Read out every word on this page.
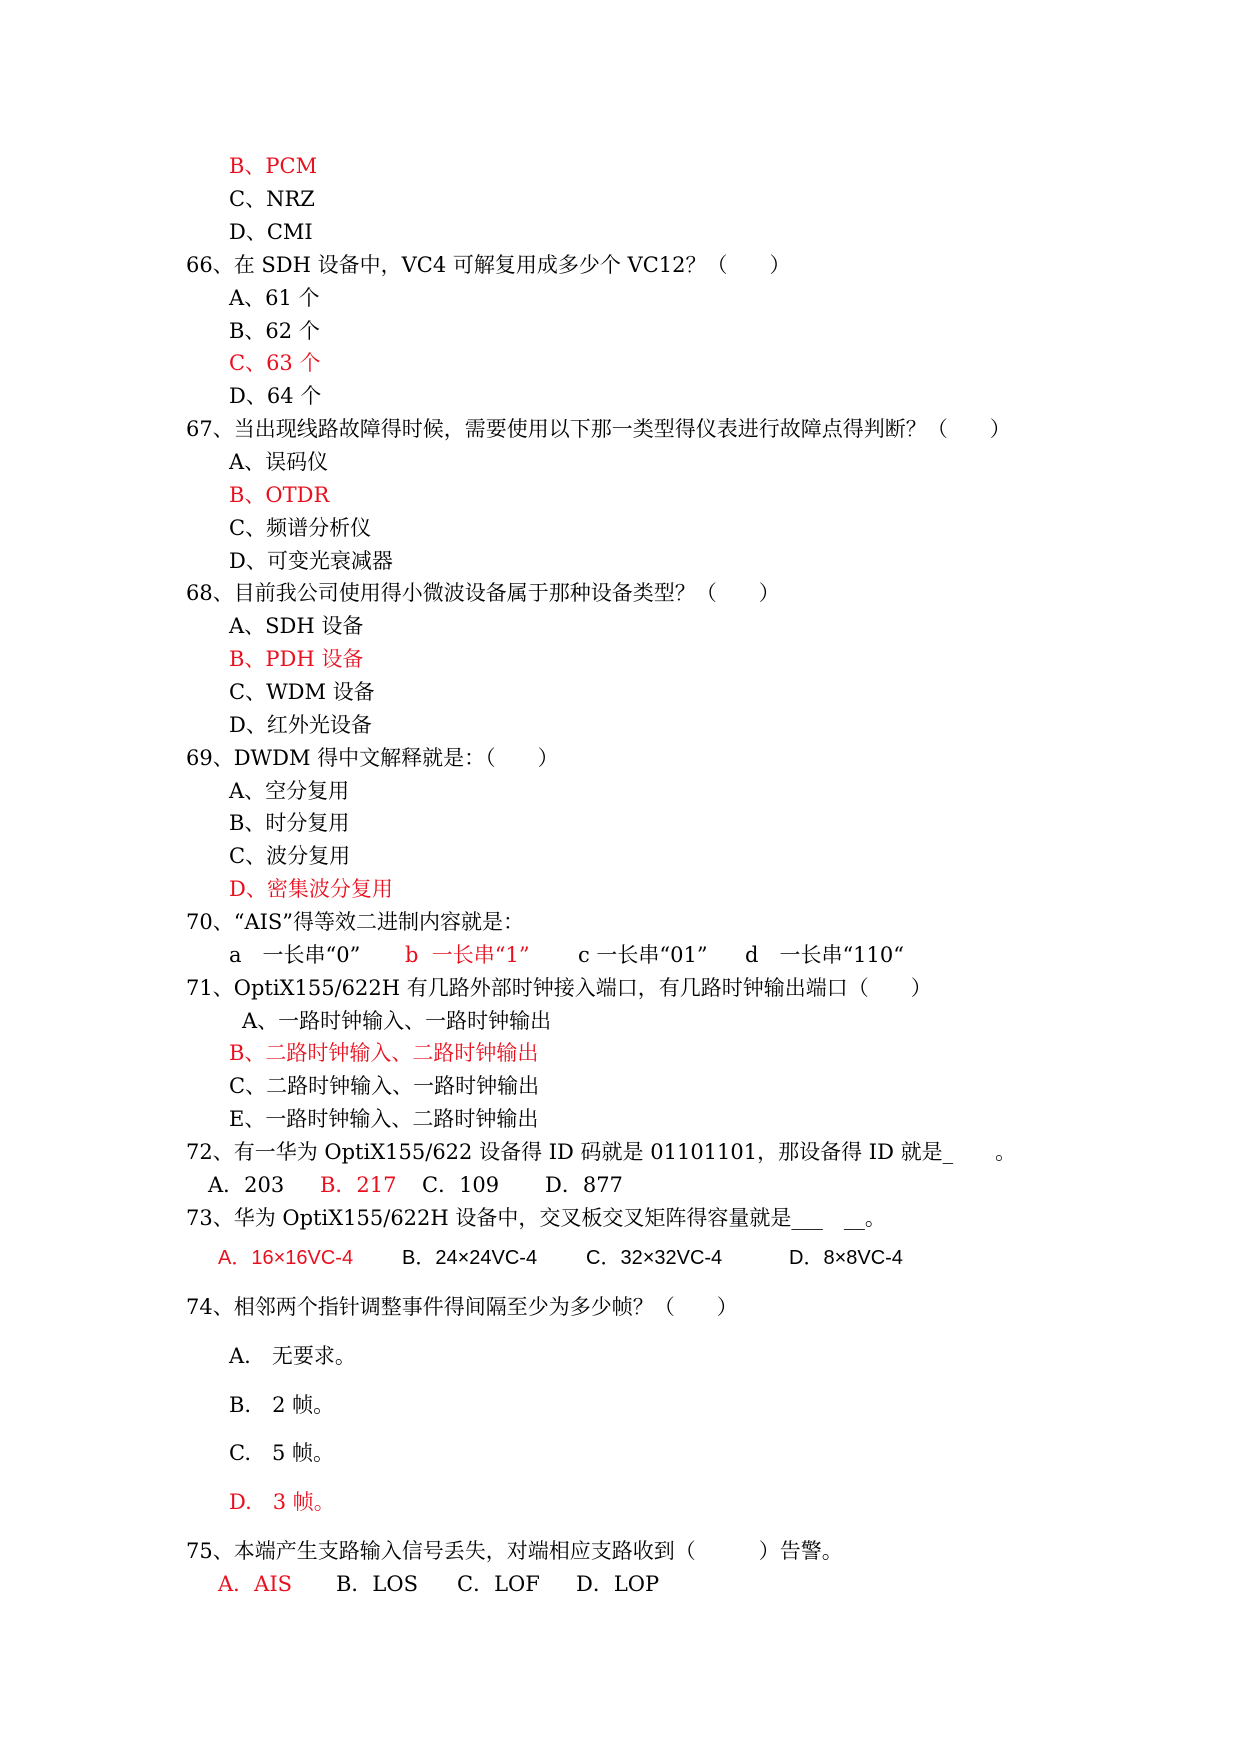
B、PCM
C、NRZ
D、CMI
66、在 SDH 设备中，VC4 可解复用成多少个 VC12？（　　）
A、61 个
B、62 个
C、63 个
D、64 个
67、当出现线路故障得时候，需要使用以下那一类型得仪表进行故障点得判断？（　　）
A、误码仪
B、OTDR
C、频谱分析仪
D、可变光衰减器
68、目前我公司使用得小微波设备属于那种设备类型？（　　）
A、SDH 设备
B、PDH 设备
C、WDM 设备
D、红外光设备
69、DWDM 得中文解释就是：（　　）
A、空分复用
B、时分复用
C、波分复用
D、密集波分复用
70、“AIS”得等效二进制内容就是：
a　一长串“0” b  一长串“1” c 一长串“01” d　一长串“110“
71、OptiX155/622H 有几路外部时钟接入端口，有几路时钟输出端口（　　）
A、一路时钟输入、一路时钟输出
B、二路时钟输入、二路时钟输出
C、二路时钟输入、一路时钟输出
E、一路时钟输入、二路时钟输出
72、有一华为 OptiX155/622 设备得 ID 码就是 01101101，那设备得 ID 就是_　　。
A．203 B．217 C．109 D．877
73、华为 OptiX155/622H 设备中，交叉板交叉矩阵得容量就是___　__。
A．16×16VC-4 B．24×24VC-4 C．32×32VC-4	D．8×8VC-4
74、相邻两个指针调整事件得间隔至少为多少帧？（　　）
A.　无要求。
B.　2 帧。
C.　5 帧。
D.　3 帧。
75、本端产生支路输入信号丢失，对端相应支路收到（　　　）告警。
A．AIS B．LOS C．LOF D．LOP
